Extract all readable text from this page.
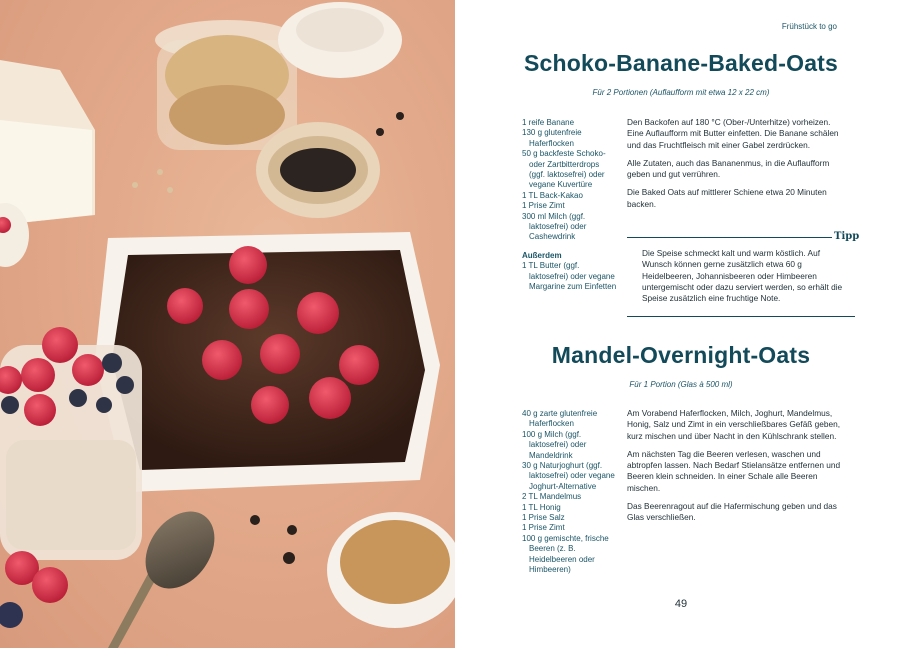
Frühstück to go
Schoko-Banane-Baked-Oats
Für 2 Portionen (Auflaufform mit etwa 12 x 22 cm)
1 reife Banane
130 g glutenfreie Haferflocken
50 g backfeste Schoko- oder Zartbitterdrops (ggf. laktosefrei) oder vegane Kuvertüre
1 TL Back-Kakao
1 Prise Zimt
300 ml Milch (ggf. laktosefrei) oder Cashewdrink
Außerdem
1 TL Butter (ggf. laktosefrei) oder vegane Margarine zum Einfetten

Den Backofen auf 180 °C (Ober-/Unterhitze) vorheizen. Eine Auflaufform mit Butter einfetten. Die Banane schälen und das Fruchtfleisch mit einer Gabel zerdrücken.

Alle Zutaten, auch das Bananenmus, in die Auflaufform geben und gut verrühren.

Die Baked Oats auf mittlerer Schiene etwa 20 Minuten backen.

Tipp
Die Speise schmeckt kalt und warm köstlich. Auf Wunsch können gerne zusätzlich etwa 60 g Heidelbeeren, Johannisbeeren oder Himbeeren untergemischt oder dazu serviert werden, so erhält die Speise zusätzlich eine fruchtige Note.
Mandel-Overnight-Oats
Für 1 Portion (Glas à 500 ml)
40 g zarte glutenfreie Haferflocken
100 g Milch (ggf. laktosefrei) oder Mandeldrink
30 g Naturjoghurt (ggf. laktosefrei) oder vegane Joghurt-Alternative
2 TL Mandelmus
1 TL Honig
1 Prise Salz
1 Prise Zimt
100 g gemischte, frische Beeren (z. B. Heidelbeeren oder Himbeeren)

Am Vorabend Haferflocken, Milch, Joghurt, Mandelmus, Honig, Salz und Zimt in ein verschließbares Gefäß geben, kurz mischen und über Nacht in den Kühlschrank stellen.

Am nächsten Tag die Beeren verlesen, waschen und abtropfen lassen. Nach Bedarf Stielansätze entfernen und Beeren klein schneiden. In einer Schale alle Beeren mischen.

Das Beerenragout auf die Hafermischung geben und das Glas verschließen.

49
